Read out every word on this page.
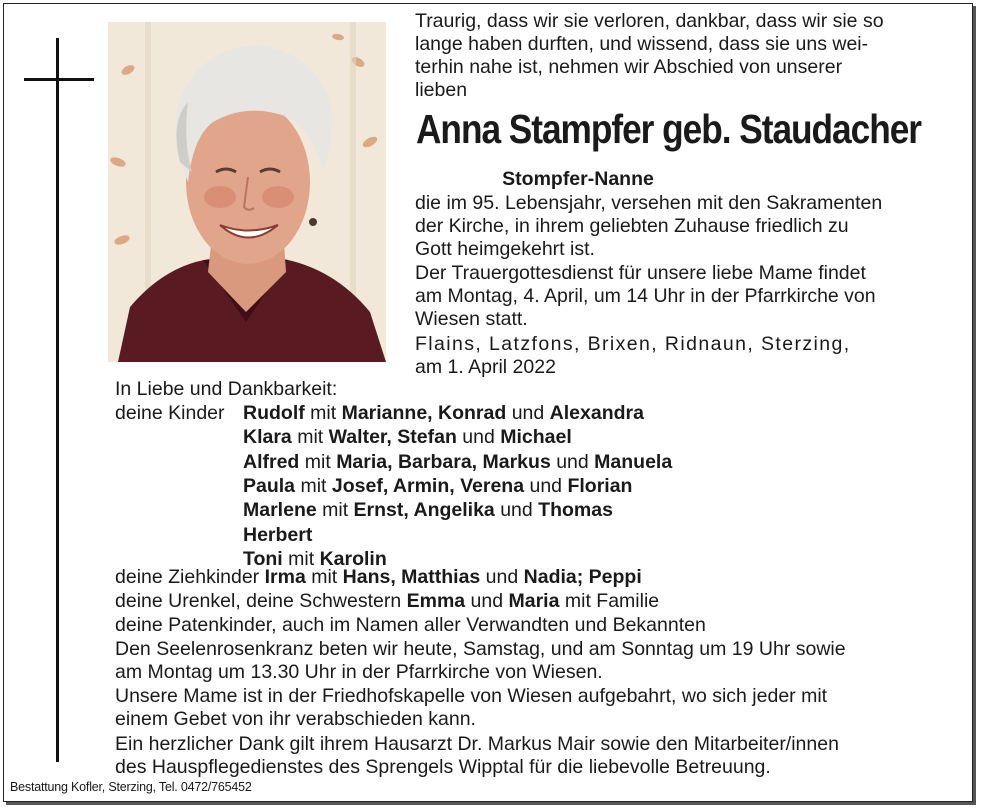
Traurig, dass wir sie verloren, dankbar, dass wir sie so
lange haben durften, und wissend, dass sie uns wei-
terhin nahe ist, nehmen wir Abschied von unserer
lieben
Anna Stampfer geb. Staudacher
Stompfer-Nanne
die im 95. Lebensjahr, versehen mit den Sakramenten
der Kirche, in ihrem geliebten Zuhause friedlich zu
Gott heimgekehrt ist.
Der Trauergottesdienst für unsere liebe Mame findet
am Montag, 4. April, um 14 Uhr in der Pfarrkirche von
Wiesen statt.
Flains, Latzfons, Brixen, Ridnaun, Sterzing,
am 1. April 2022
In Liebe und Dankbarkeit:
deine Kinder Rudolf mit Marianne, Konrad und Alexandra
Klara mit Walter, Stefan und Michael
Alfred mit Maria, Barbara, Markus und Manuela
Paula mit Josef, Armin, Verena und Florian
Marlene mit Ernst, Angelika und Thomas
Herbert
Toni mit Karolin
deine Ziehkinder Irma mit Hans, Matthias und Nadia; Peppi
deine Urenkel, deine Schwestern Emma und Maria mit Familie
deine Patenkinder, auch im Namen aller Verwandten und Bekannten
Den Seelenrosenkranz beten wir heute, Samstag, und am Sonntag um 19 Uhr sowie
am Montag um 13.30 Uhr in der Pfarrkirche von Wiesen.
Unsere Mame ist in der Friedhofskapelle von Wiesen aufgebahrt, wo sich jeder mit
einem Gebet von ihr verabschieden kann.
Ein herzlicher Dank gilt ihrem Hausarzt Dr. Markus Mair sowie den Mitarbeiter/innen
des Hauspflegedienstes des Sprengels Wipptal für die liebevolle Betreuung.
Bestattung Kofler, Sterzing, Tel. 0472/765452
